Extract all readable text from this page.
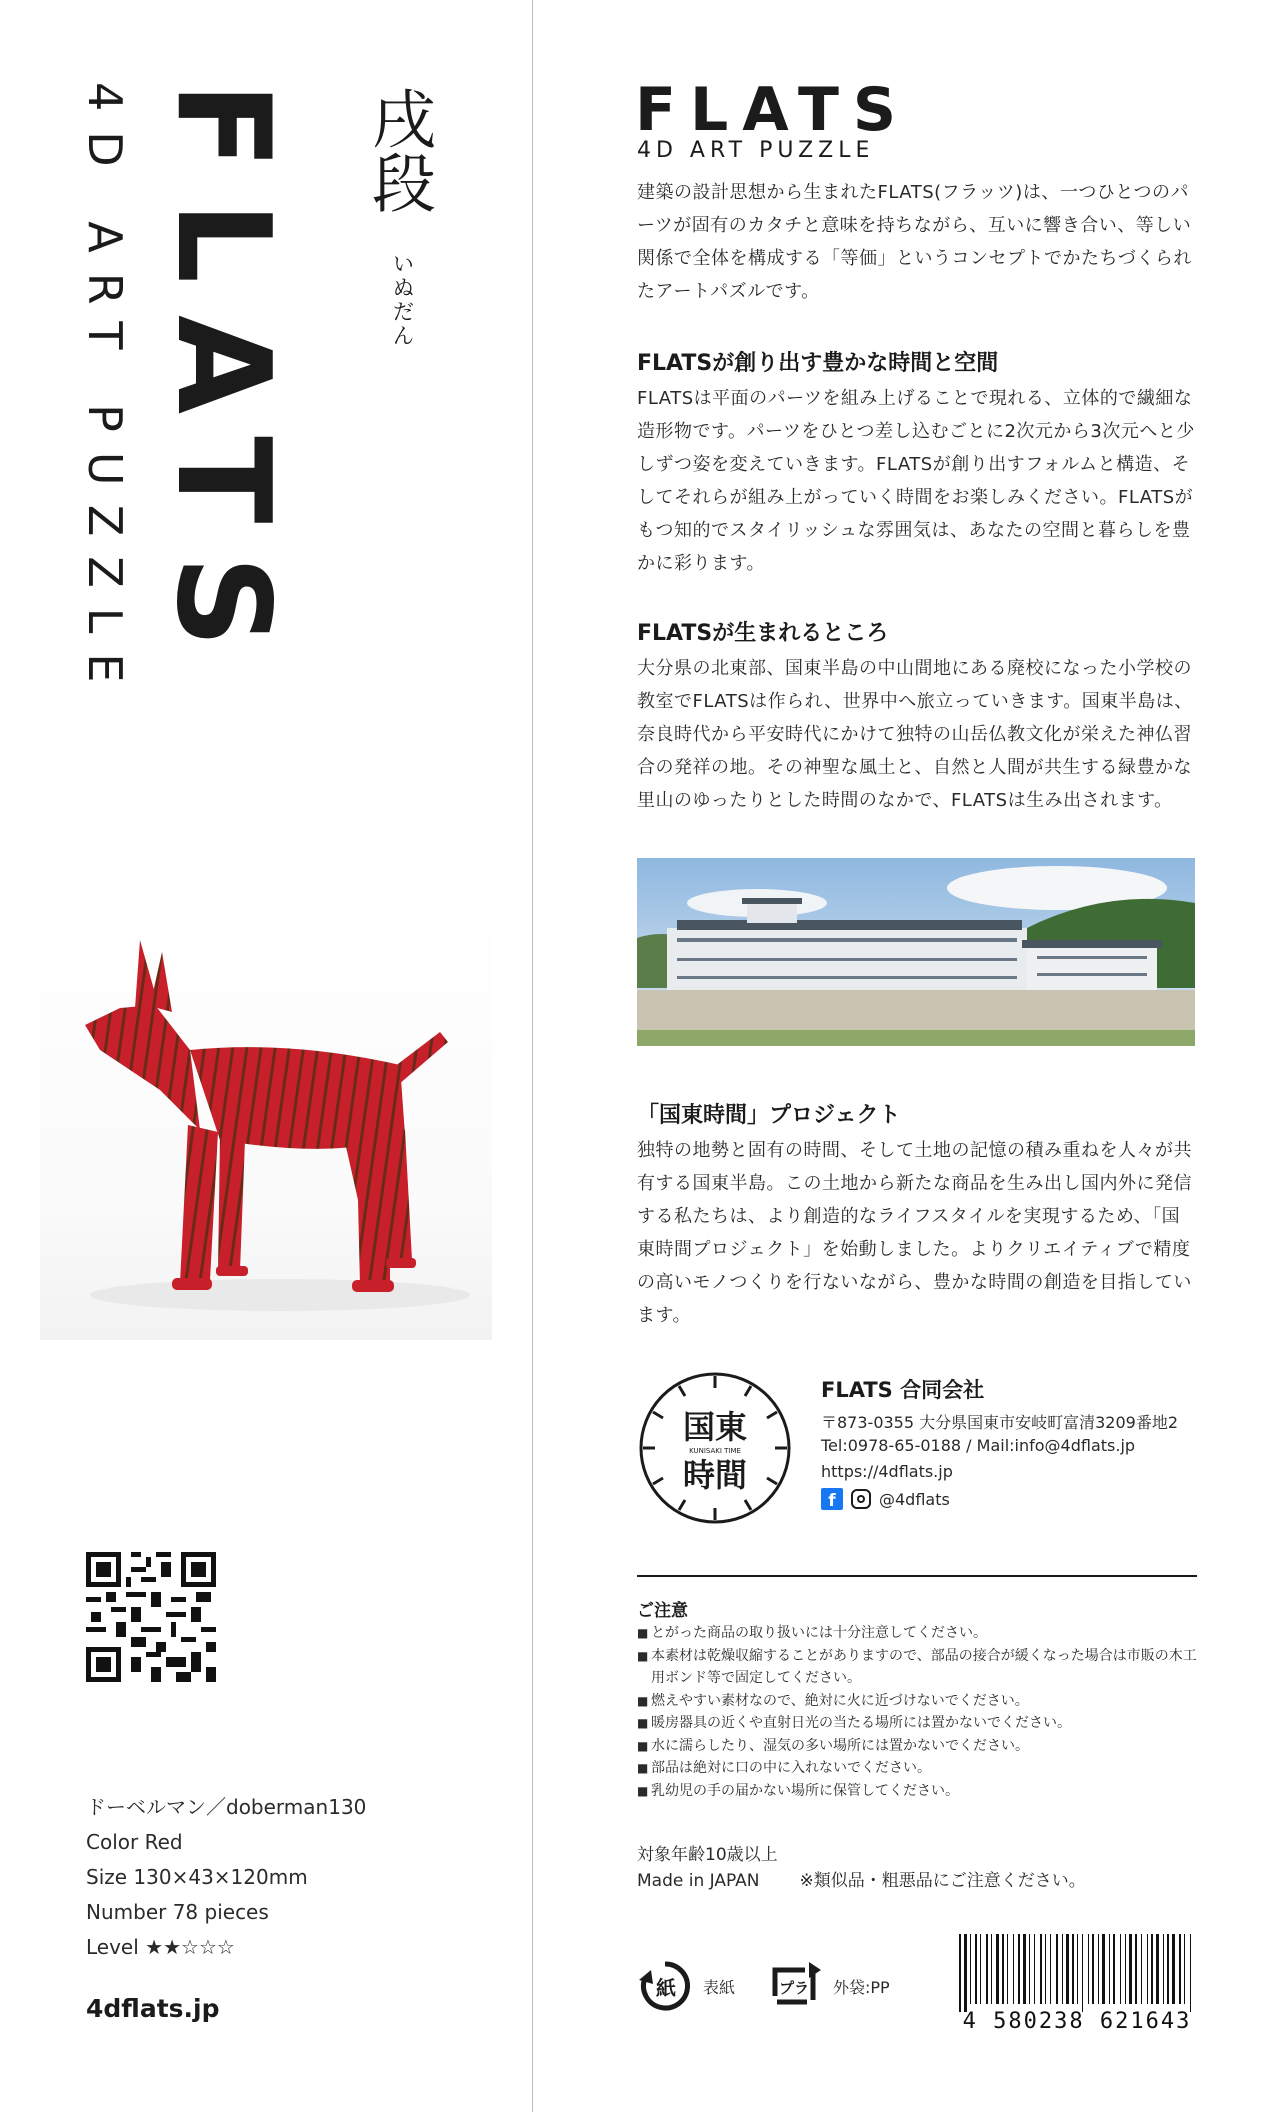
FLATS
4D ART PUZZLE	戌段
いぬだん
ドーベルマン／doberman130
Color Red
Size 130×43×120mm
Number 78 pieces
Level ★★☆☆☆
4dflats.jp
FLATS
4D ART PUZZLE
建築の設計思想から生まれたFLATS(フラッツ)は、一つひとつのパーツが固有のカタチと意味を持ちながら、互いに響き合い、等しい関係で全体を構成する「等価」というコンセプトでかたちづくられたアートパズルです。
FLATSが創り出す豊かな時間と空間
FLATSは平面のパーツを組み上げることで現れる、立体的で繊細な造形物です。パーツをひとつ差し込むごとに2次元から3次元へと少しずつ姿を変えていきます。FLATSが創り出すフォルムと構造、そしてそれらが組み上がっていく時間をお楽しみください。FLATSがもつ知的でスタイリッシュな雰囲気は、あなたの空間と暮らしを豊かに彩ります。
FLATSが生まれるところ
大分県の北東部、国東半島の中山間地にある廃校になった小学校の教室でFLATSは作られ、世界中へ旅立っていきます。国東半島は、奈良時代から平安時代にかけて独特の山岳仏教文化が栄えた神仏習合の発祥の地。その神聖な風土と、自然と人間が共生する緑豊かな里山のゆったりとした時間のなかで、FLATSは生み出されます。
「国東時間」プロジェクト
独特の地勢と固有の時間、そして土地の記憶の積み重ねを人々が共有する国東半島。この土地から新たな商品を生み出し国内外に発信する私たちは、より創造的なライフスタイルを実現するため、「国東時間プロジェクト」を始動しました。よりクリエイティブで精度の高いモノつくりを行ないながら、豊かな時間の創造を目指しています。
国東
KUNISAKI TIME
時間
FLATS 合同会社
〒873-0355 大分県国東市安岐町富清3209番地2
Tel:0978-65-0188 / Mail:info@4dflats.jp
https://4dflats.jp
f	@4dflats
ご注意
■ とがった商品の取り扱いには十分注意してください。
■ 本素材は乾燥収縮することがありますので、部品の接合が緩くなった場合は市販の木工用ボンド等で固定してください。
■ 燃えやすい素材なので、絶対に火に近づけないでください。
■ 暖房器具の近くや直射日光の当たる場所には置かないでください。
■ 水に濡らしたり、湿気の多い場所には置かないでください。
■ 部品は絶対に口の中に入れないでください。
■ 乳幼児の手の届かない場所に保管してください。
対象年齢10歳以上
Made in JAPAN ※類似品・粗悪品にご注意ください。
紙 表紙	プラ 外袋:PP
4 580238 621643
